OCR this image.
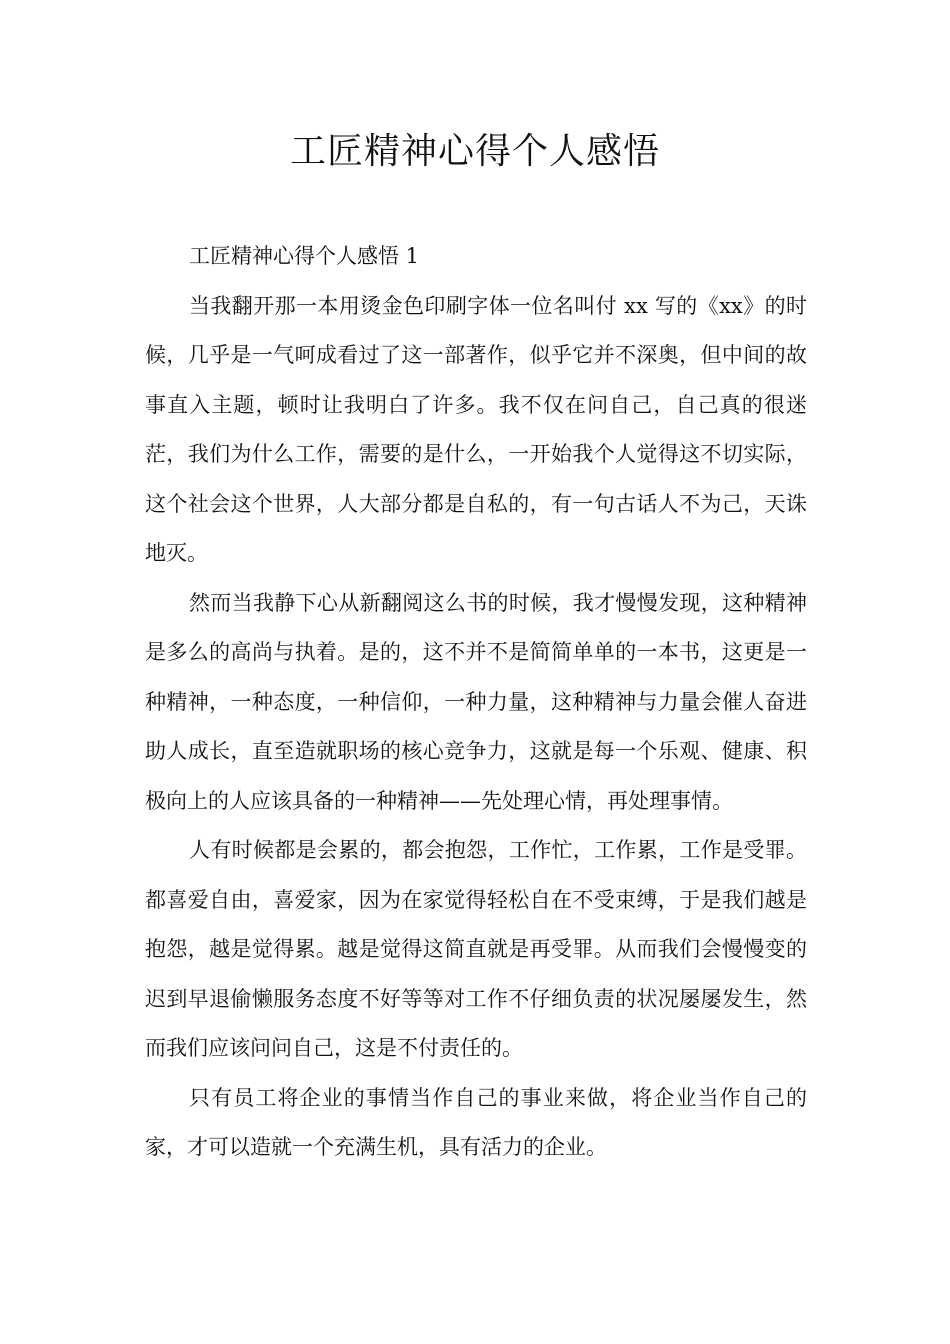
工匠精神心得个人感悟

工匠精神心得个人感悟 1

当我翻开那一本用烫金色印刷字体一位名叫付 xx 写的《xx》的时候，几乎是一气呵成看过了这一部著作，似乎它并不深奥，但中间的故事直入主题，顿时让我明白了许多。我不仅在问自己，自己真的很迷茫，我们为什么工作，需要的是什么，一开始我个人觉得这不切实际，这个社会这个世界，人大部分都是自私的，有一句古话人不为己，天诛地灭。

然而当我静下心从新翻阅这么书的时候，我才慢慢发现，这种精神是多么的高尚与执着。是的，这不并不是简简单单的一本书，这更是一种精神，一种态度，一种信仰，一种力量，这种精神与力量会催人奋进助人成长，直至造就职场的核心竞争力，这就是每一个乐观、健康、积极向上的人应该具备的一种精神——先处理心情，再处理事情。

人有时候都是会累的，都会抱怨，工作忙，工作累，工作是受罪。都喜爱自由，喜爱家，因为在家觉得轻松自在不受束缚，于是我们越是抱怨，越是觉得累。越是觉得这简直就是再受罪。从而我们会慢慢变的迟到早退偷懒服务态度不好等等对工作不仔细负责的状况屡屡发生，然而我们应该问问自己，这是不付责任的。

只有员工将企业的事情当作自己的事业来做，将企业当作自己的家，才可以造就一个充满生机，具有活力的企业。
